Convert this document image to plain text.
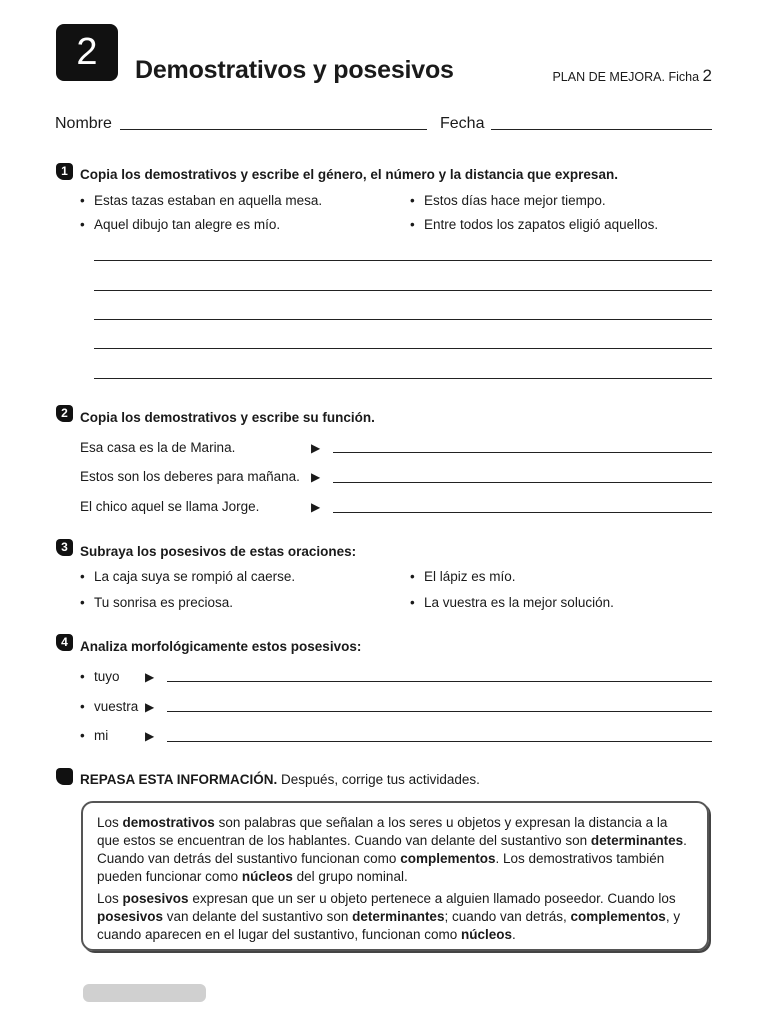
2	Demostrativos y posesivos	PLAN DE MEJORA. Ficha 2
Nombre	Fecha
1 Copia los demostrativos y escribe el género, el número y la distancia que expresan.
• Estas tazas estaban en aquella mesa.	• Estos días hace mejor tiempo.
• Aquel dibujo tan alegre es mío.	• Entre todos los zapatos eligió aquellos.
2 Copia los demostrativos y escribe su función.
Esa casa es la de Marina.	▶
Estos son los deberes para mañana. ▶
El chico aquel se llama Jorge.	▶
3 Subraya los posesivos de estas oraciones:
• La caja suya se rompió al caerse.	• El lápiz es mío.
• Tu sonrisa es preciosa.	• La vuestra es la mejor solución.
4 Analiza morfológicamente estos posesivos:
• tuyo ▶
• vuestra ▶
• mi	▶
REPASA ESTA INFORMACIÓN. Después, corrige tus actividades.
Los demostrativos son palabras que señalan a los seres u objetos y expresan la distancia a la que estos se encuentran de los hablantes. Cuando van delante del sustantivo son determinantes. Cuando van detrás del sustantivo funcionan como complementos. Los demostrativos también pueden funcionar como núcleos del grupo nominal.
Los posesivos expresan que un ser u objeto pertenece a alguien llamado poseedor. Cuando los posesivos van delante del sustantivo son determinantes; cuando van detrás, complementos, y cuando aparecen en el lugar del sustantivo, funcionan como núcleos.
